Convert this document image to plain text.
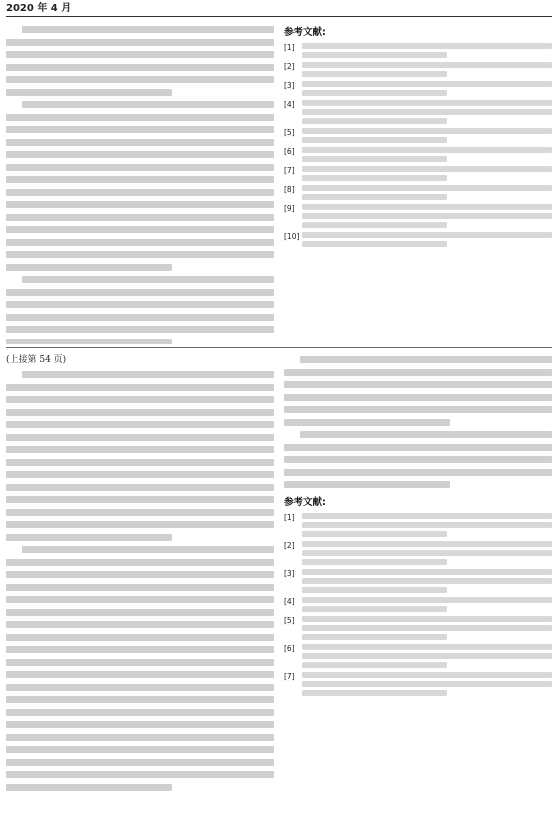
2020 年 4 月
参考文献:
[1]
[2]
[3]
[4]
[5]
[6]
[7]
[8]
[9]
[10]
(上接第 54 页)
参考文献:
[1]
[2]
[3]
[4]
[5]
[6]
[7]
